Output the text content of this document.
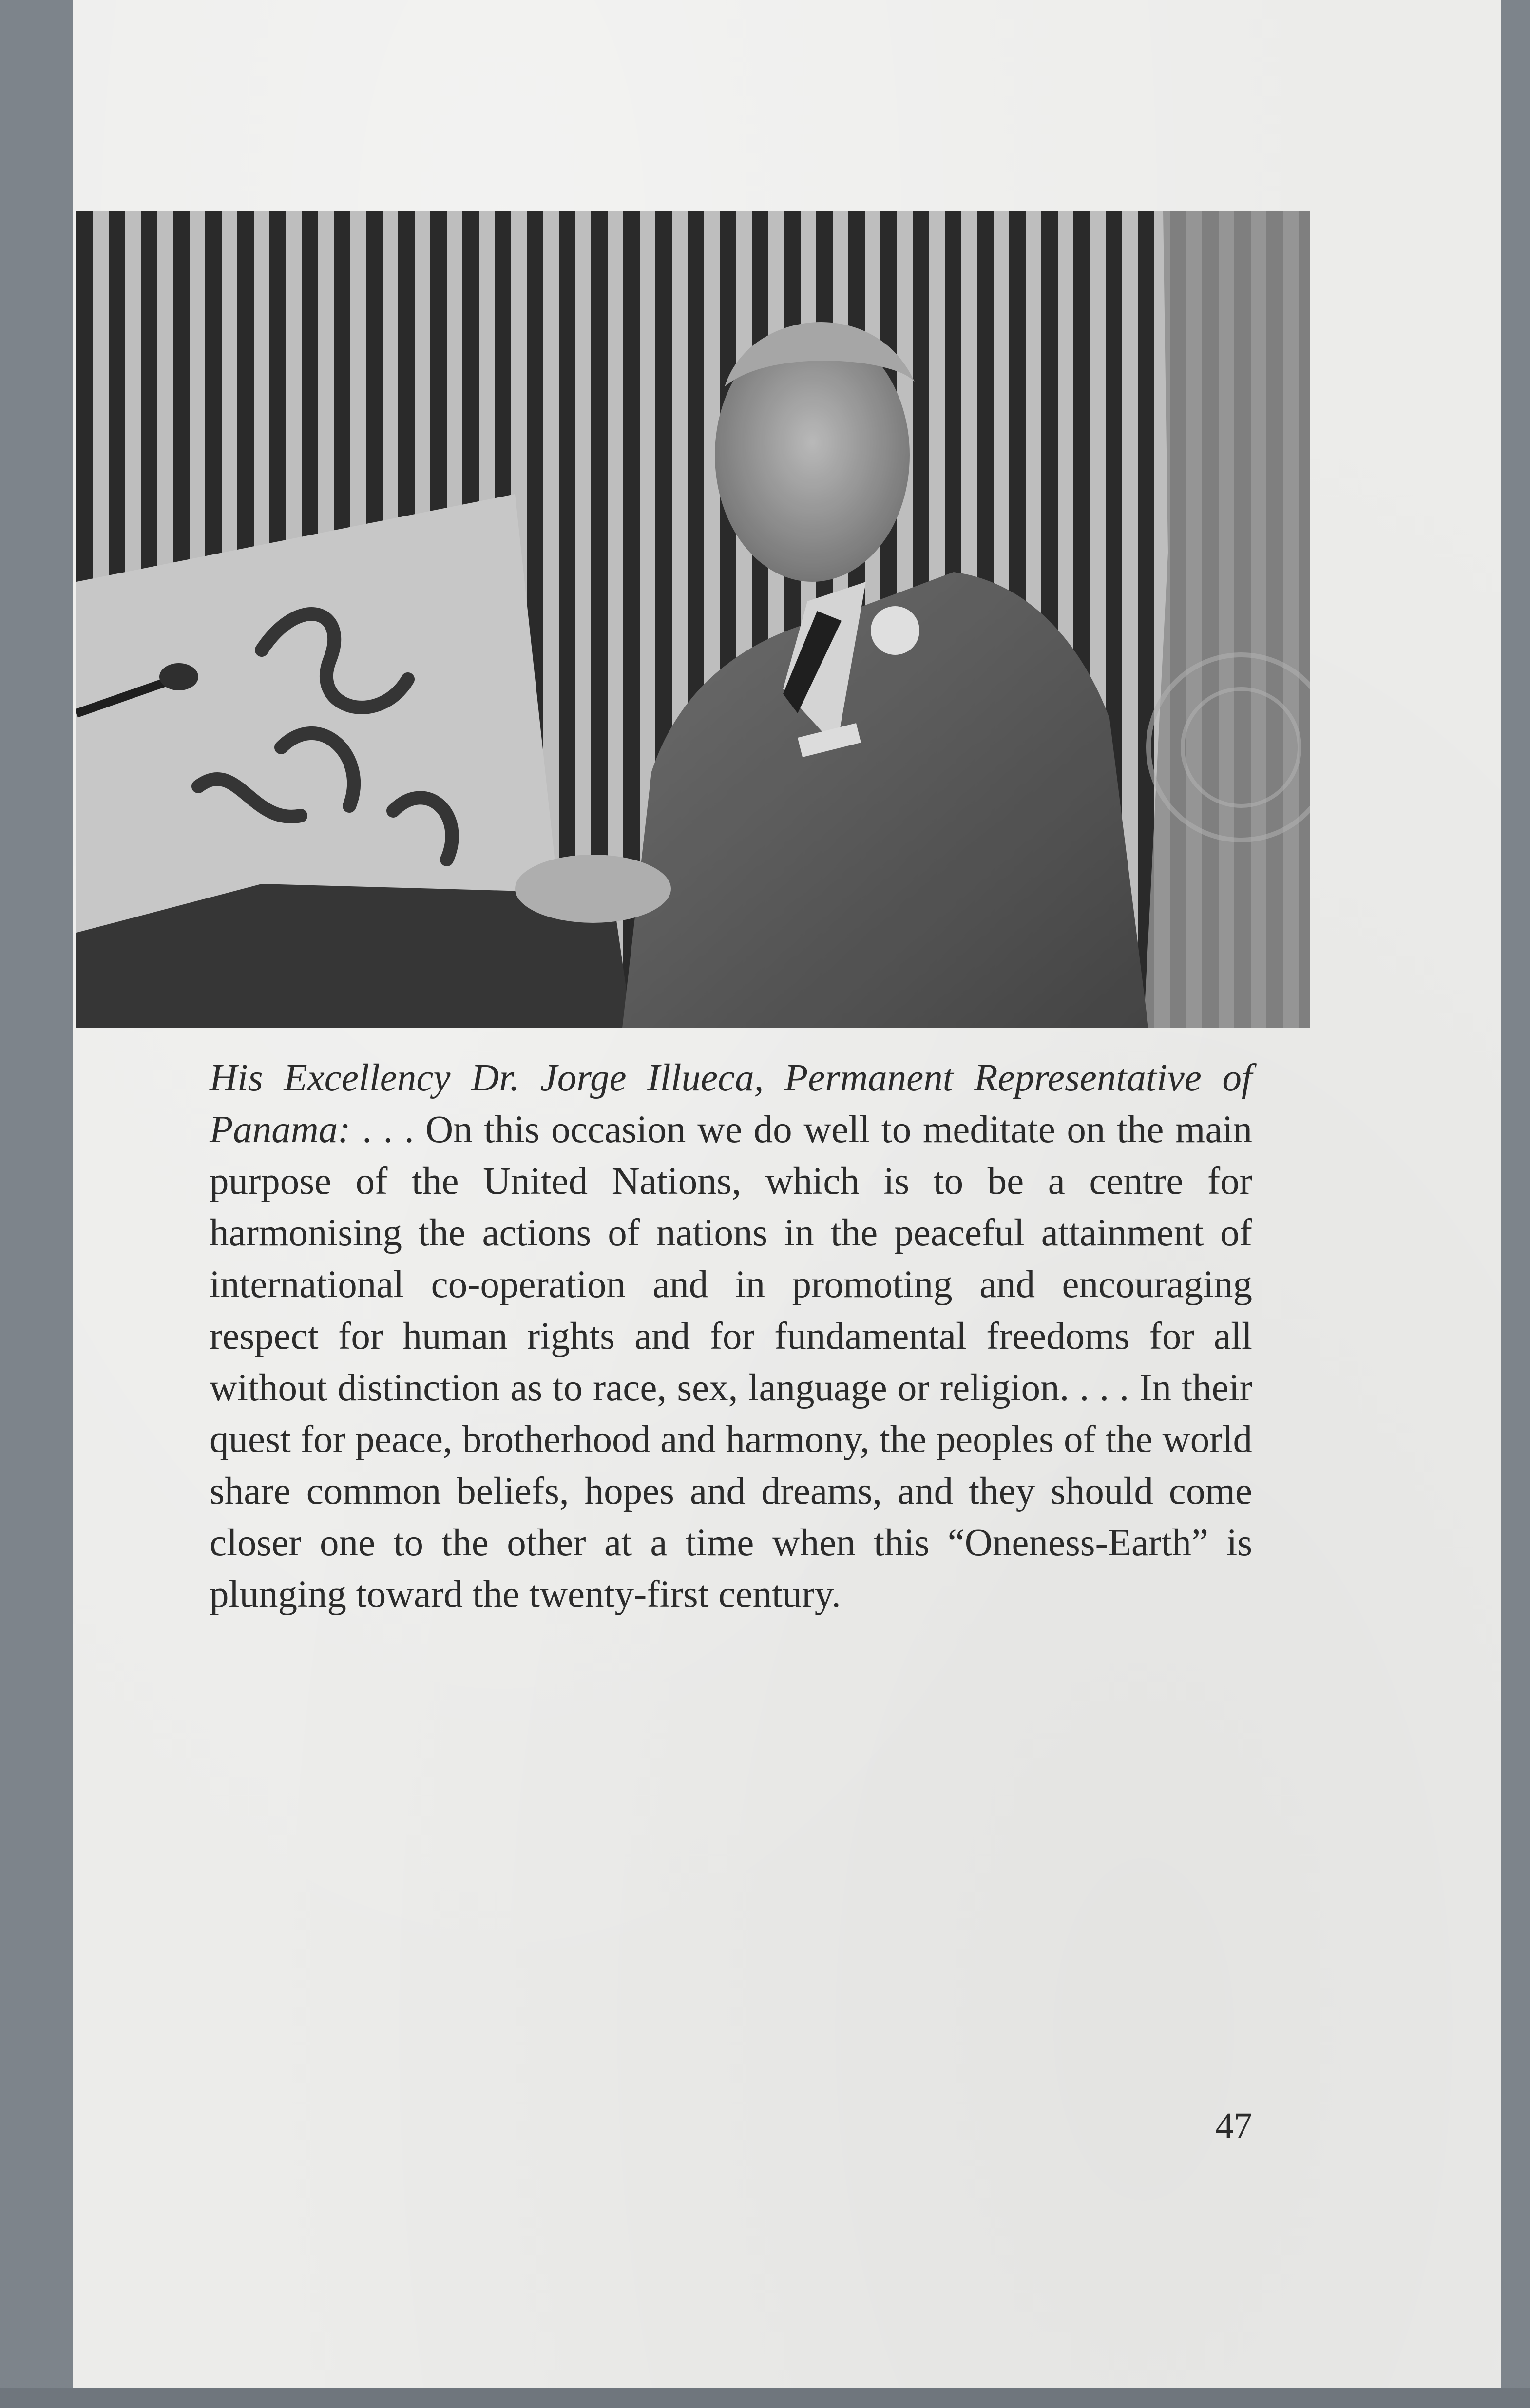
His Excellency Dr. Jorge Illueca, Permanent Representative of Panama: . . . On this occasion we do well to meditate on the main purpose of the United Nations, which is to be a centre for harmonising the actions of nations in the peaceful attainment of international co-operation and in promoting and encouraging respect for human rights and for fundamental freedoms for all without distinction as to race, sex, language or religion. . . . In their quest for peace, brotherhood and harmony, the peoples of the world share common beliefs, hopes and dreams, and they should come closer one to the other at a time when this “Oneness-Earth” is plunging toward the twenty-first century.

47
